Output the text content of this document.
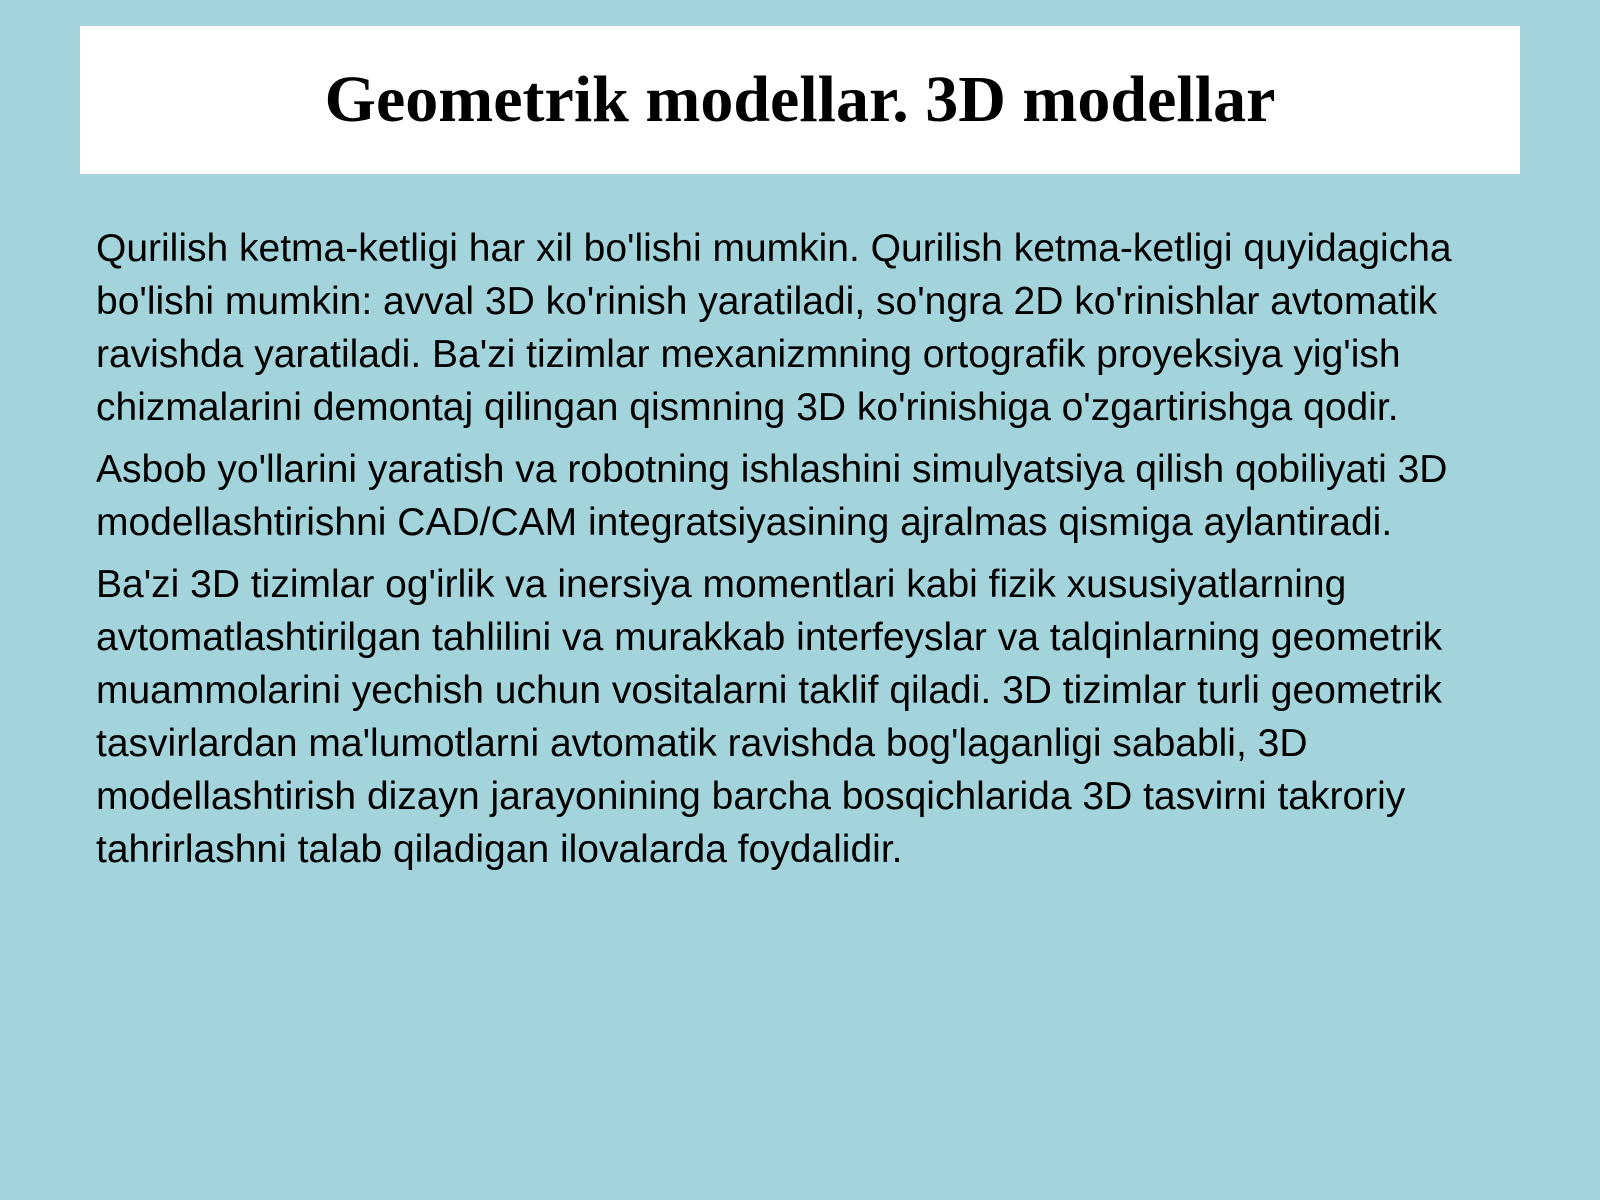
Geometrik modellar. 3D modellar

Qurilish ketma-ketligi har xil bo'lishi mumkin. Qurilish ketma-ketligi quyidagicha bo'lishi mumkin: avval 3D ko'rinish yaratiladi, so'ngra 2D ko'rinishlar avtomatik ravishda yaratiladi. Ba'zi tizimlar mexanizmning ortografik proyeksiya yig'ish chizmalarini demontaj qilingan qismning 3D ko'rinishiga o'zgartirishga qodir.

Asbob yo'llarini yaratish va robotning ishlashini simulyatsiya qilish qobiliyati 3D modellashtirishni CAD/CAM integratsiyasining ajralmas qismiga aylantiradi.

Ba'zi 3D tizimlar og'irlik va inersiya momentlari kabi fizik xususiyatlarning avtomatlashtirilgan tahlilini va murakkab interfeyslar va talqinlarning geometrik muammolarini yechish uchun vositalarni taklif qiladi. 3D tizimlar turli geometrik tasvirlardan ma'lumotlarni avtomatik ravishda bog'laganligi sababli, 3D modellashtirish dizayn jarayonining barcha bosqichlarida 3D tasvirni takroriy tahrirlashni talab qiladigan ilovalarda foydalidir.
